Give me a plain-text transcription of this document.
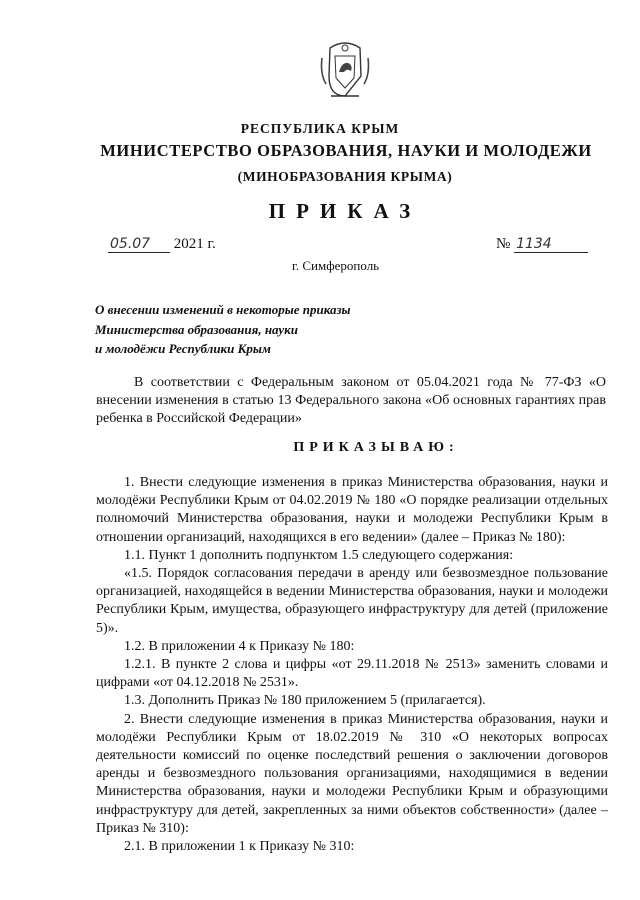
РЕСПУБЛИКА КРЫМ
МИНИСТЕРСТВО ОБРАЗОВАНИЯ, НАУКИ И МОЛОДЕЖИ
(МИНОБРАЗОВАНИЯ КРЫМА)
ПРИКАЗ
05.07 2021 г.	№ 1134
г. Симферополь
О внесении изменений в некоторые приказы
Министерства образования, науки
и молодёжи Республики Крым

В соответствии с Федеральным законом от 05.04.2021 года № 77-ФЗ «О внесении изменения в статью 13 Федерального закона «Об основных гарантиях прав ребенка в Российской Федерации»

ПРИКАЗЫВАЮ:

1. Внести следующие изменения в приказ Министерства образования, науки и молодёжи Республики Крым от 04.02.2019 № 180 «О порядке реализации отдельных полномочий Министерства образования, науки и молодежи Республики Крым в отношении организаций, находящихся в его ведении» (далее – Приказ № 180):

1.1. Пункт 1 дополнить подпунктом 1.5 следующего содержания:

«1.5. Порядок согласования передачи в аренду или безвозмездное пользование организацией, находящейся в ведении Министерства образования, науки и молодежи Республики Крым, имущества, образующего инфраструктуру для детей (приложение 5)».

1.2. В приложении 4 к Приказу № 180:

1.2.1. В пункте 2 слова и цифры «от 29.11.2018 № 2513» заменить словами и цифрами «от 04.12.2018 № 2531».

1.3. Дополнить Приказ № 180 приложением 5 (прилагается).

2. Внести следующие изменения в приказ Министерства образования, науки и молодёжи Республики Крым от 18.02.2019 № 310 «О некоторых вопросах деятельности комиссий по оценке последствий решения о заключении договоров аренды и безвозмездного пользования организациями, находящимися в ведении Министерства образования, науки и молодежи Республики Крым и образующими инфраструктуру для детей, закрепленных за ними объектов собственности» (далее – Приказ № 310):

2.1. В приложении 1 к Приказу № 310:
